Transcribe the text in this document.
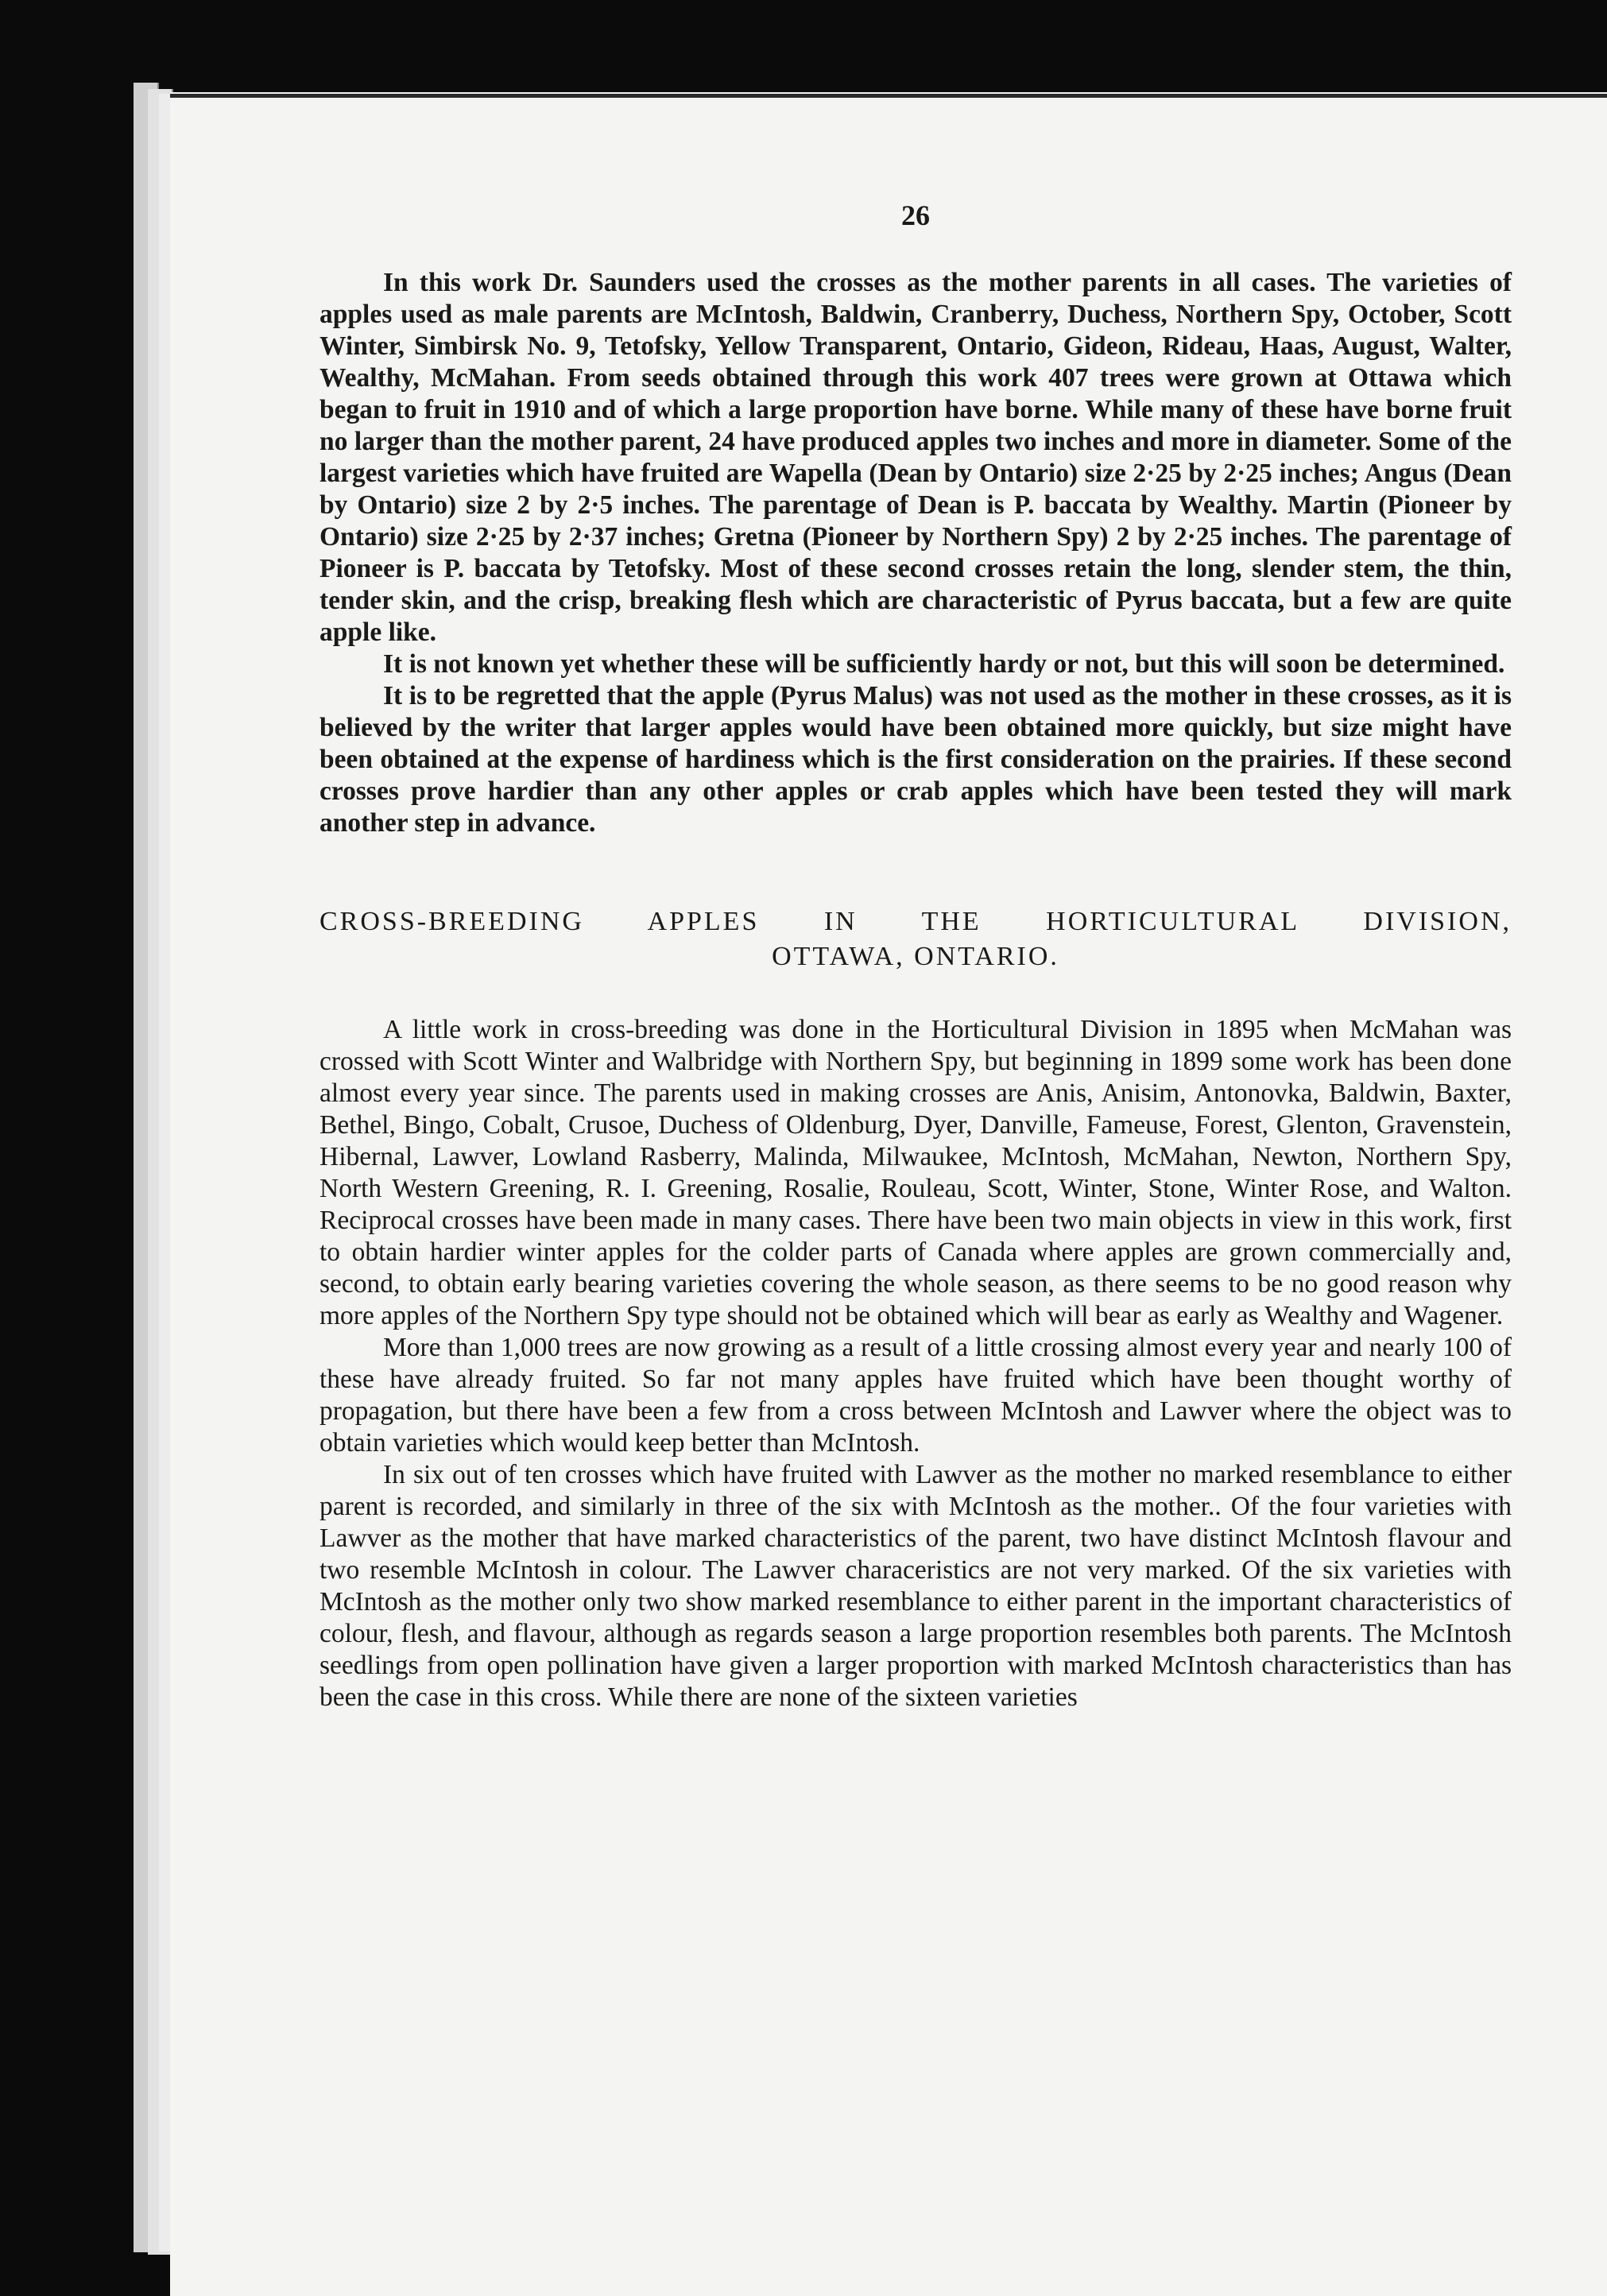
26

In this work Dr. Saunders used the crosses as the mother parents in all cases. The varieties of apples used as male parents are McIntosh, Baldwin, Cranberry, Duchess, Northern Spy, October, Scott Winter, Simbirsk No. 9, Tetofsky, Yellow Transparent, Ontario, Gideon, Rideau, Haas, August, Walter, Wealthy, McMahan. From seeds obtained through this work 407 trees were grown at Ottawa which began to fruit in 1910 and of which a large proportion have borne. While many of these have borne fruit no larger than the mother parent, 24 have produced apples two inches and more in diameter. Some of the largest varieties which have fruited are Wapella (Dean by Ontario) size 2·25 by 2·25 inches; Angus (Dean by Ontario) size 2 by 2·5 inches. The parentage of Dean is P. baccata by Wealthy. Martin (Pioneer by Ontario) size 2·25 by 2·37 inches; Gretna (Pioneer by Northern Spy) 2 by 2·25 inches. The parentage of Pioneer is P. baccata by Tetofsky. Most of these second crosses retain the long, slender stem, the thin, tender skin, and the crisp, breaking flesh which are characteristic of Pyrus baccata, but a few are quite apple like.

It is not known yet whether these will be sufficiently hardy or not, but this will soon be determined.

It is to be regretted that the apple (Pyrus Malus) was not used as the mother in these crosses, as it is believed by the writer that larger apples would have been obtained more quickly, but size might have been obtained at the expense of hardiness which is the first consideration on the prairies. If these second crosses prove hardier than any other apples or crab apples which have been tested they will mark another step in advance.

CROSS-BREEDING APPLES IN THE HORTICULTURAL DIVISION,
OTTAWA, ONTARIO.

A little work in cross-breeding was done in the Horticultural Division in 1895 when McMahan was crossed with Scott Winter and Walbridge with Northern Spy, but beginning in 1899 some work has been done almost every year since. The parents used in making crosses are Anis, Anisim, Antonovka, Baldwin, Baxter, Bethel, Bingo, Cobalt, Crusoe, Duchess of Oldenburg, Dyer, Danville, Fameuse, Forest, Glenton, Gravenstein, Hibernal, Lawver, Lowland Rasberry, Malinda, Milwaukee, McIntosh, McMahan, Newton, Northern Spy, North Western Greening, R. I. Greening, Rosalie, Rouleau, Scott, Winter, Stone, Winter Rose, and Walton. Reciprocal crosses have been made in many cases. There have been two main objects in view in this work, first to obtain hardier winter apples for the colder parts of Canada where apples are grown commercially and, second, to obtain early bearing varieties covering the whole season, as there seems to be no good reason why more apples of the Northern Spy type should not be obtained which will bear as early as Wealthy and Wagener.

More than 1,000 trees are now growing as a result of a little crossing almost every year and nearly 100 of these have already fruited. So far not many apples have fruited which have been thought worthy of propagation, but there have been a few from a cross between McIntosh and Lawver where the object was to obtain varieties which would keep better than McIntosh.

In six out of ten crosses which have fruited with Lawver as the mother no marked resemblance to either parent is recorded, and similarly in three of the six with McIntosh as the mother.. Of the four varieties with Lawver as the mother that have marked characteristics of the parent, two have distinct McIntosh flavour and two resemble McIntosh in colour. The Lawver characeristics are not very marked. Of the six varieties with McIntosh as the mother only two show marked resemblance to either parent in the important characteristics of colour, flesh, and flavour, although as regards season a large proportion resembles both parents. The McIntosh seedlings from open pollination have given a larger proportion with marked McIntosh characteristics than has been the case in this cross. While there are none of the sixteen varieties
